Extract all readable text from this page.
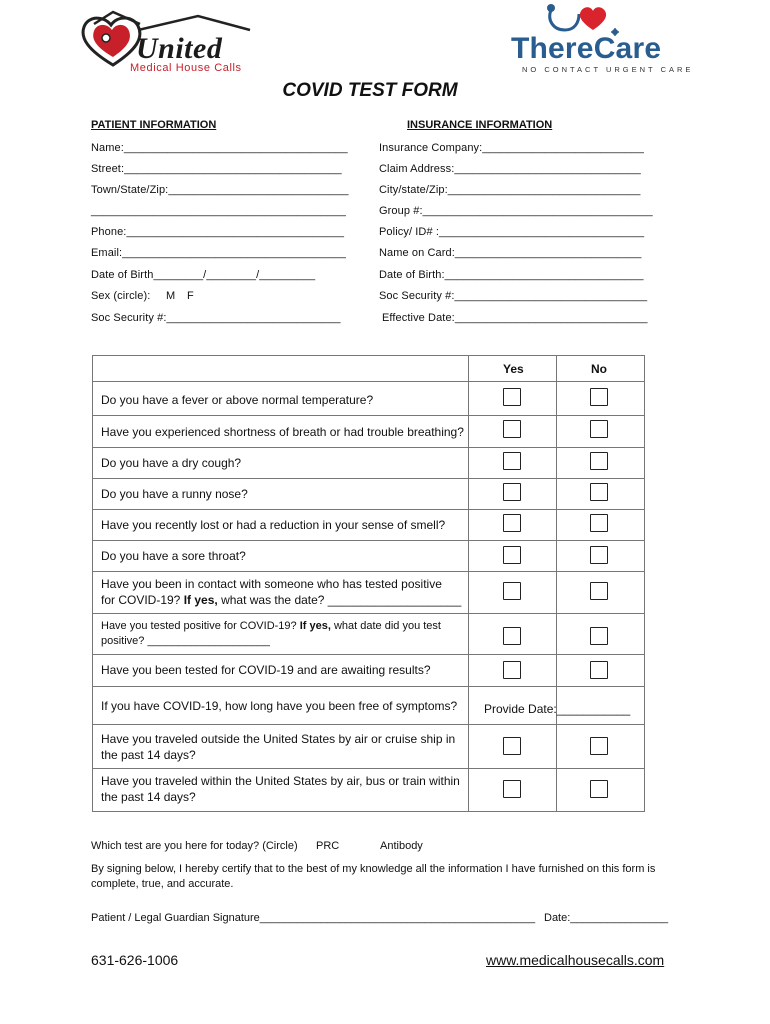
United
Medical House Calls
ThereCare
NO CONTACT URGENT CARE
COVID TEST FORM
PATIENT INFORMATION
Name:____________________________________
Street:___________________________________
Town/State/Zip:_____________________________
_________________________________________
Phone:___________________________________
Email:____________________________________
Date of Birth________/________/_________
Sex (circle): M F
Soc Security #:____________________________
INSURANCE INFORMATION
Insurance Company:__________________________
Claim Address:______________________________
City/state/Zip:_______________________________
Group #:_____________________________________
Policy/ ID# :_________________________________
Name on Card:______________________________
Date of Birth:________________________________
Soc Security #:_______________________________
Effective Date:_______________________________
Yes	No
Do you have a fever or above normal temperature?
Have you experienced shortness of breath or had trouble breathing?
Do you have a dry cough?
Do you have a runny nose?
Have you recently lost or had a reduction in your sense of smell?
Do you have a sore throat?
Have you been in contact with someone who has tested positive
for COVID-19? If yes, what was the date? ____________________
Have you tested positive for COVID-19? If yes, what date did you test
positive? ____________________
Have you been tested for COVID-19 and are awaiting results?
If you have COVID-19, how long have you been free of symptoms? Provide Date:___________
Have you traveled outside the United States by air or cruise ship in
the past 14 days?
Have you traveled within the United States by air, bus or train within
the past 14 days?
Which test are you here for today? (Circle) PRC	Antibody
By signing below, I hereby certify that to the best of my knowledge all the information I have furnished on this form is
complete, true, and accurate.
Patient / Legal Guardian Signature_____________________________________________ Date:________________
631-626-1006	www.medicalhousecalls.com
